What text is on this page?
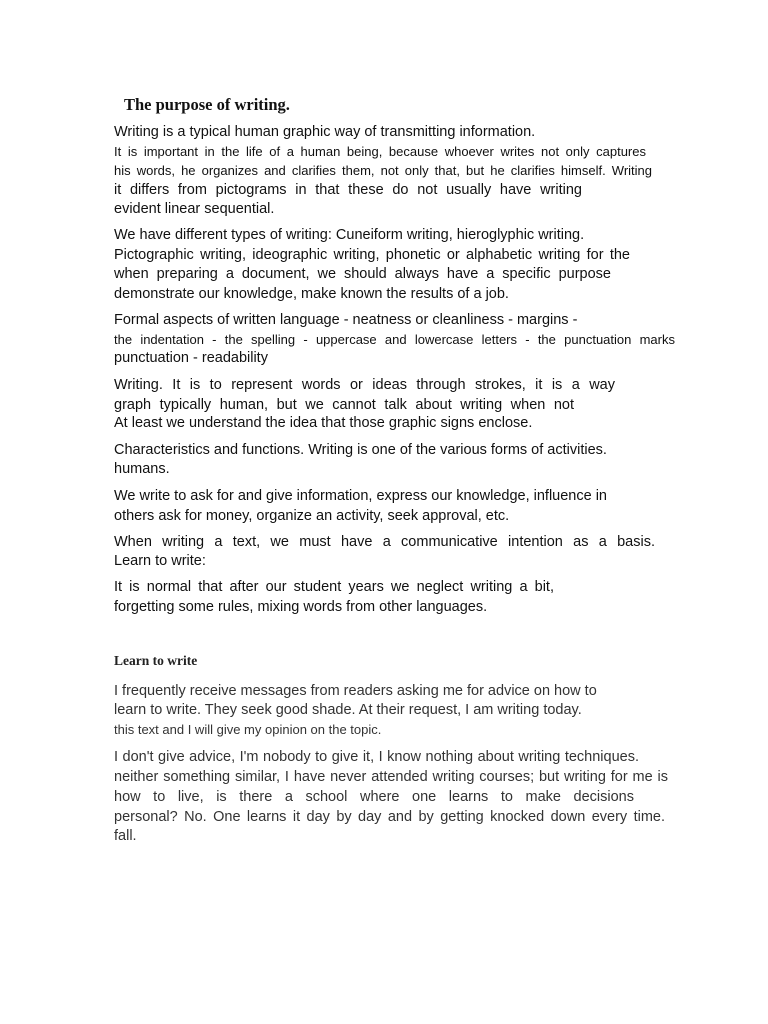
The purpose of writing.
Writing is a typical human graphic way of transmitting information.
It is important in the life of a human being, because whoever writes not only captures
his words, he organizes and clarifies them, not only that, but he clarifies himself. Writing
it differs from pictograms in that these do not usually have writing
evident linear sequential.
We have different types of writing: Cuneiform writing, hieroglyphic writing.
Pictographic writing, ideographic writing, phonetic or alphabetic writing for the
when preparing a document, we should always have a specific purpose
demonstrate our knowledge, make known the results of a job.
Formal aspects of written language - neatness or cleanliness - margins -
the indentation - the spelling - uppercase and lowercase letters - the punctuation marks
punctuation - readability
Writing. It is to represent words or ideas through strokes, it is a way
graph typically human, but we cannot talk about writing when not
At least we understand the idea that those graphic signs enclose.
Characteristics and functions. Writing is one of the various forms of activities.
humans.
We write to ask for and give information, express our knowledge, influence in
others ask for money, organize an activity, seek approval, etc.
When writing a text, we must have a communicative intention as a basis.
Learn to write:
It is normal that after our student years we neglect writing a bit,
forgetting some rules, mixing words from other languages.
Learn to write
I frequently receive messages from readers asking me for advice on how to
learn to write. They seek good shade. At their request, I am writing today.
this text and I will give my opinion on the topic.
I don't give advice, I'm nobody to give it, I know nothing about writing techniques.
neither something similar, I have never attended writing courses; but writing for me is
how to live, is there a school where one learns to make decisions
personal? No. One learns it day by day and by getting knocked down every time.
fall.
